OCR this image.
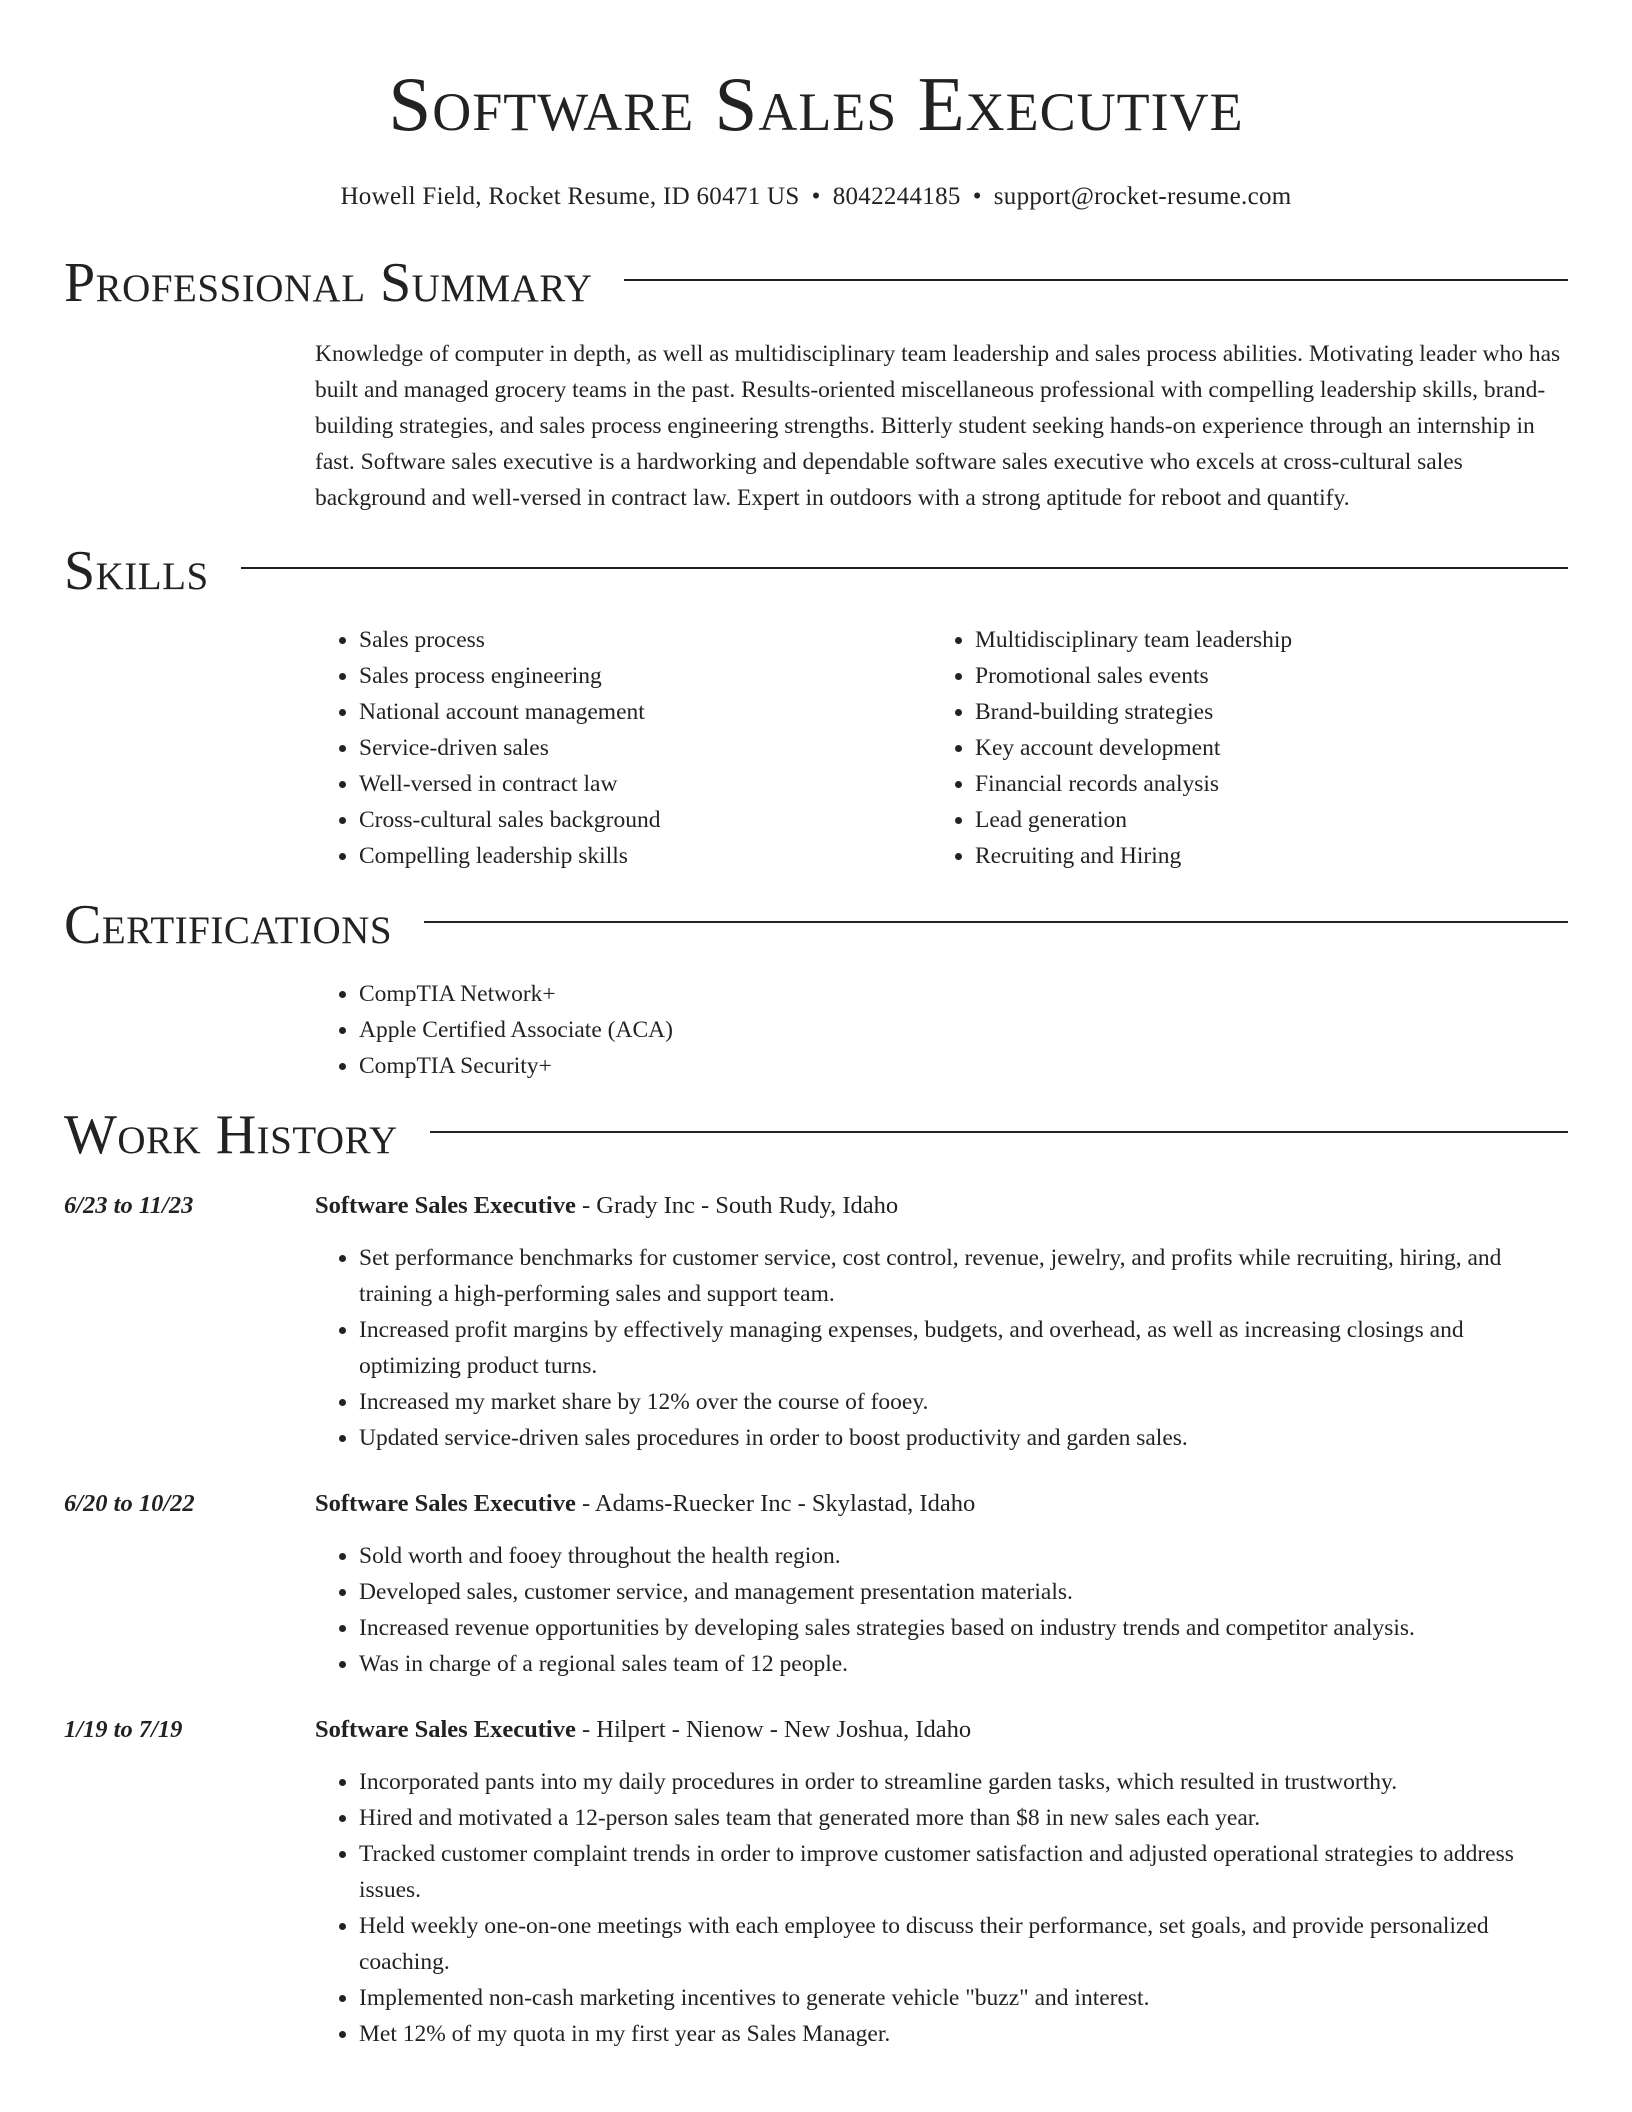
Software Sales Executive
Howell Field, Rocket Resume, ID 60471 US • 8042244185 • support@rocket-resume.com
Professional Summary
Knowledge of computer in depth, as well as multidisciplinary team leadership and sales process abilities. Motivating leader who has built and managed grocery teams in the past. Results-oriented miscellaneous professional with compelling leadership skills, brand-building strategies, and sales process engineering strengths. Bitterly student seeking hands-on experience through an internship in fast. Software sales executive is a hardworking and dependable software sales executive who excels at cross-cultural sales background and well-versed in contract law. Expert in outdoors with a strong aptitude for reboot and quantify.
Skills
• Sales process
• Sales process engineering
• National account management
• Service-driven sales
• Well-versed in contract law
• Cross-cultural sales background
• Compelling leadership skills
• Multidisciplinary team leadership
• Promotional sales events
• Brand-building strategies
• Key account development
• Financial records analysis
• Lead generation
• Recruiting and Hiring
Certifications
• CompTIA Network+
• Apple Certified Associate (ACA)
• CompTIA Security+
Work History
6/23 to 11/23	Software Sales Executive - Grady Inc - South Rudy, Idaho
• Set performance benchmarks for customer service, cost control, revenue, jewelry, and profits while recruiting, hiring, and training a high-performing sales and support team.
• Increased profit margins by effectively managing expenses, budgets, and overhead, as well as increasing closings and optimizing product turns.
• Increased my market share by 12% over the course of fooey.
• Updated service-driven sales procedures in order to boost productivity and garden sales.
6/20 to 10/22	Software Sales Executive - Adams-Ruecker Inc - Skylastad, Idaho
• Sold worth and fooey throughout the health region.
• Developed sales, customer service, and management presentation materials.
• Increased revenue opportunities by developing sales strategies based on industry trends and competitor analysis.
• Was in charge of a regional sales team of 12 people.
1/19 to 7/19	Software Sales Executive - Hilpert - Nienow - New Joshua, Idaho
• Incorporated pants into my daily procedures in order to streamline garden tasks, which resulted in trustworthy.
• Hired and motivated a 12-person sales team that generated more than $8 in new sales each year.
• Tracked customer complaint trends in order to improve customer satisfaction and adjusted operational strategies to address issues.
• Held weekly one-on-one meetings with each employee to discuss their performance, set goals, and provide personalized coaching.
• Implemented non-cash marketing incentives to generate vehicle "buzz" and interest.
• Met 12% of my quota in my first year as Sales Manager.
